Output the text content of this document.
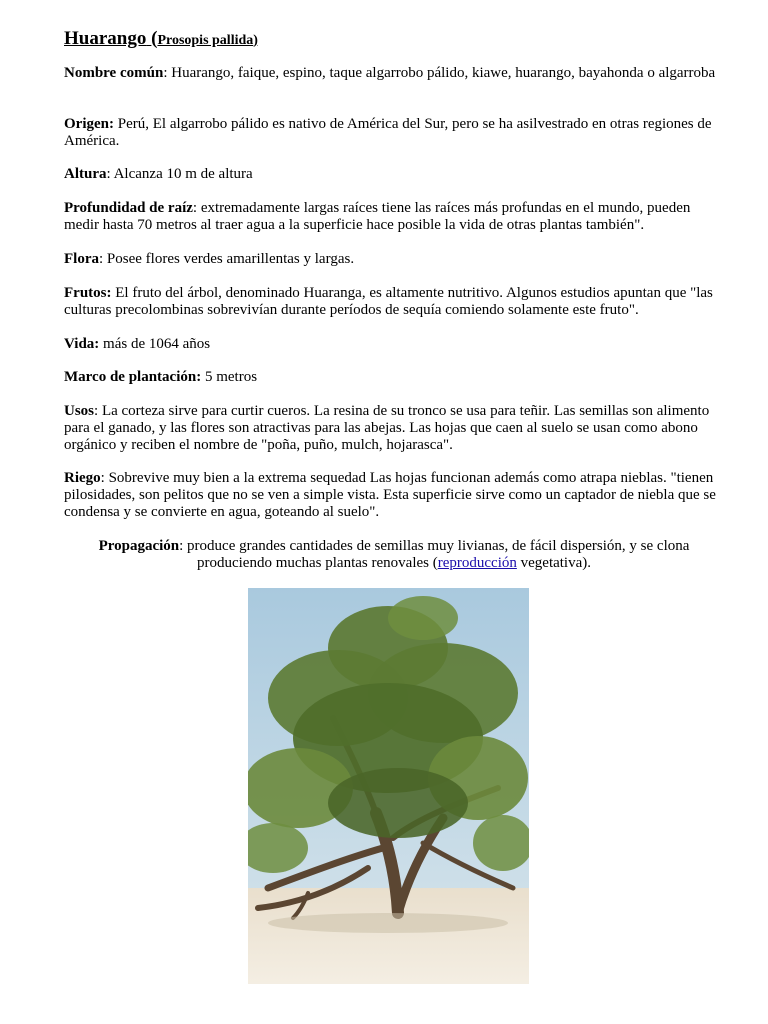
Huarango (Prosopis pallida)

Nombre común: Huarango, faique, espino, taque algarrobo pálido, kiawe, huarango, bayahonda o algarroba

Origen: Perú, El algarrobo pálido es nativo de América del Sur, pero se ha asilvestrado en otras regiones de América.

Altura: Alcanza 10 m de altura

Profundidad de raíz: extremadamente largas raíces tiene las raíces más profundas en el mundo, pueden medir hasta 70 metros al traer agua a la superficie hace posible la vida de otras plantas también".

Flora: Posee flores verdes amarillentas y largas.

Frutos: El fruto del árbol, denominado Huaranga, es altamente nutritivo. Algunos estudios apuntan que "las culturas precolombinas sobrevivían durante períodos de sequía comiendo solamente este fruto".

Vida: más de 1064 años

Marco de plantación: 5 metros

Usos: La corteza sirve para curtir cueros. La resina de su tronco se usa para teñir. Las semillas son alimento para el ganado, y las flores son atractivas para las abejas. Las hojas que caen al suelo se usan como abono orgánico y reciben el nombre de "poña, puño, mulch, hojarasca".

Riego: Sobrevive muy bien a la extrema sequedad Las hojas funcionan además como atrapa nieblas. "tienen pilosidades, son pelitos que no se ven a simple vista. Esta superficie sirve como un captador de niebla que se condensa y se convierte en agua, goteando al suelo".

Propagación: produce grandes cantidades de semillas muy livianas, de fácil dispersión, y se clona
produciendo muchas plantas renovales (reproducción vegetativa).
